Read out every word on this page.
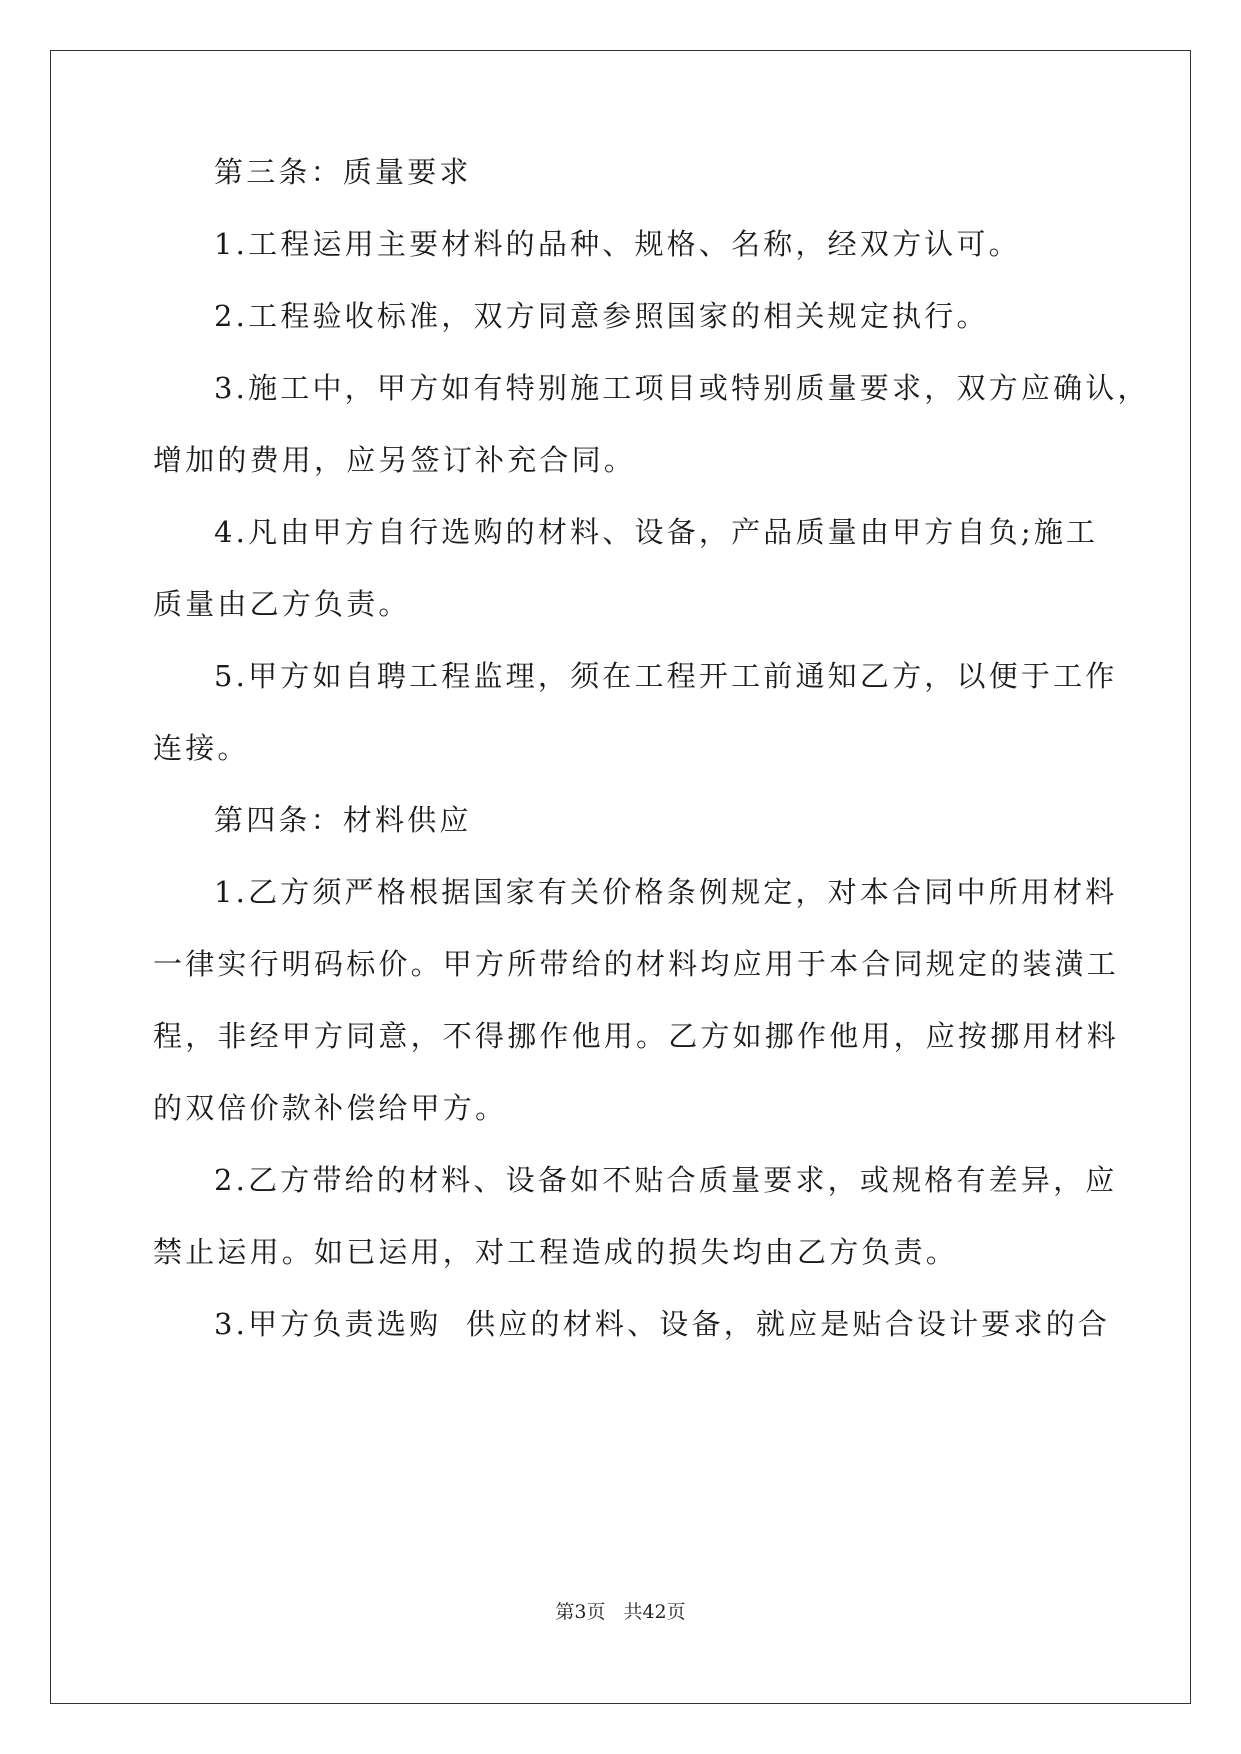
第三条：质量要求
1.工程运用主要材料的品种、规格、名称，经双方认可。
2.工程验收标准，双方同意参照国家的相关规定执行。
3.施工中，甲方如有特别施工项目或特别质量要求，双方应确认，
增加的费用，应另签订补充合同。
4.凡由甲方自行选购的材料、设备，产品质量由甲方自负;施工
质量由乙方负责。
5.甲方如自聘工程监理，须在工程开工前通知乙方，以便于工作
连接。
第四条：材料供应
1.乙方须严格根据国家有关价格条例规定，对本合同中所用材料
一律实行明码标价。甲方所带给的材料均应用于本合同规定的装潢工
程，非经甲方同意，不得挪作他用。乙方如挪作他用，应按挪用材料
的双倍价款补偿给甲方。
2.乙方带给的材料、设备如不贴合质量要求，或规格有差异，应
禁止运用。如已运用，对工程造成的损失均由乙方负责。
3.甲方负责选购  供应的材料、设备，就应是贴合设计要求的合
第3页 共42页
